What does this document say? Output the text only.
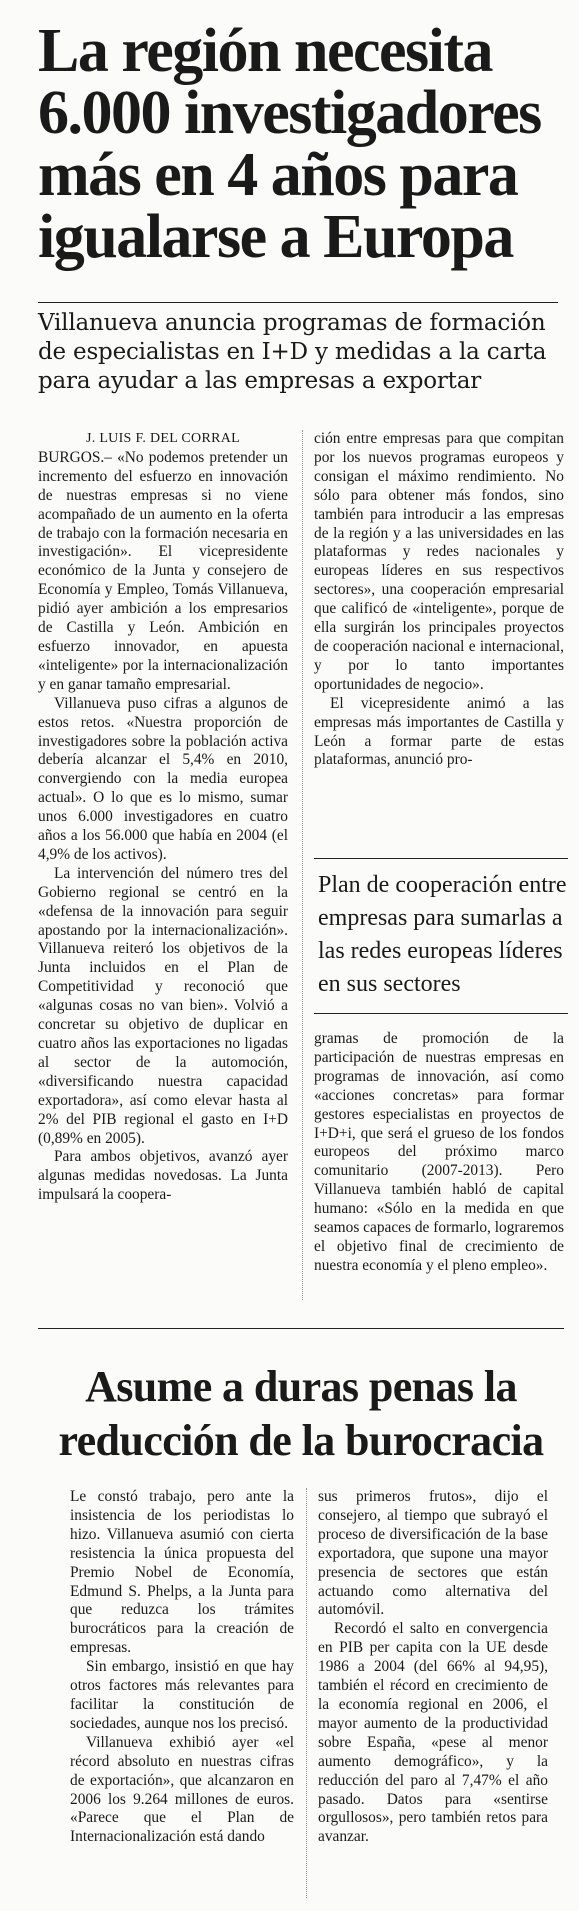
La región necesita 6.000 investigadores más en 4 años para igualarse a Europa
Villanueva anuncia programas de formación de especialistas en I+D y medidas a la carta para ayudar a las empresas a exportar

J. LUIS F. DEL CORRAL

BURGOS.– «No podemos pretender un incremento del esfuerzo en innovación de nuestras empresas si no viene acompañado de un aumento en la oferta de trabajo con la formación necesaria en investigación». El vicepresidente económico de la Junta y consejero de Economía y Empleo, Tomás Villanueva, pidió ayer ambición a los empresarios de Castilla y León. Ambición en esfuerzo innovador, en apuesta «inteligente» por la internacionalización y en ganar tamaño empresarial.

Villanueva puso cifras a algunos de estos retos. «Nuestra proporción de investigadores sobre la población activa debería alcanzar el 5,4% en 2010, convergiendo con la media europea actual». O lo que es lo mismo, sumar unos 6.000 investigadores en cuatro años a los 56.000 que había en 2004 (el 4,9% de los activos).

La intervención del número tres del Gobierno regional se centró en la «defensa de la innovación para seguir apostando por la internacionalización». Villanueva reiteró los objetivos de la Junta incluidos en el Plan de Competitividad y reconoció que «algunas cosas no van bien». Volvió a concretar su objetivo de duplicar en cuatro años las exportaciones no ligadas al sector de la automoción, «diversificando nuestra capacidad exportadora», así como elevar hasta al 2% del PIB regional el gasto en I+D (0,89% en 2005).

Para ambos objetivos, avanzó ayer algunas medidas novedosas. La Junta impulsará la coopera-

ción entre empresas para que compitan por los nuevos programas europeos y consigan el máximo rendimiento. No sólo para obtener más fondos, sino también para introducir a las empresas de la región y a las universidades en las plataformas y redes nacionales y europeas líderes en sus respectivos sectores», una cooperación empresarial que calificó de «inteligente», porque de ella surgirán los principales proyectos de cooperación nacional e internacional, y por lo tanto importantes oportunidades de negocio».

El vicepresidente animó a las empresas más importantes de Castilla y León a formar parte de estas plataformas, anunció pro-

Plan de cooperación entre empresas para sumarlas a las redes europeas líderes en sus sectores

gramas de promoción de la participación de nuestras empresas en programas de innovación, así como «acciones concretas» para formar gestores especialistas en proyectos de I+D+i, que será el grueso de los fondos europeos del próximo marco comunitario (2007-2013). Pero Villanueva también habló de capital humano: «Sólo en la medida en que seamos capaces de formarlo, lograremos el objetivo final de crecimiento de nuestra economía y el pleno empleo».

Asume a duras penas la reducción de la burocracia

Le constó trabajo, pero ante la insistencia de los periodistas lo hizo. Villanueva asumió con cierta resistencia la única propuesta del Premio Nobel de Economía, Edmund S. Phelps, a la Junta para que reduzca los trámites burocráticos para la creación de empresas.

Sin embargo, insistió en que hay otros factores más relevantes para facilitar la constitución de sociedades, aunque nos los precisó.

Villanueva exhibió ayer «el récord absoluto en nuestras cifras de exportación», que alcanzaron en 2006 los 9.264 millones de euros. «Parece que el Plan de Internacionalización está dando

sus primeros frutos», dijo el consejero, al tiempo que subrayó el proceso de diversificación de la base exportadora, que supone una mayor presencia de sectores que están actuando como alternativa del automóvil.

Recordó el salto en convergencia en PIB per capita con la UE desde 1986 a 2004 (del 66% al 94,95), también el récord en crecimiento de la economía regional en 2006, el mayor aumento de la productividad sobre España, «pese al menor aumento demográfico», y la reducción del paro al 7,47% el año pasado. Datos para «sentirse orgullosos», pero también retos para avanzar.
